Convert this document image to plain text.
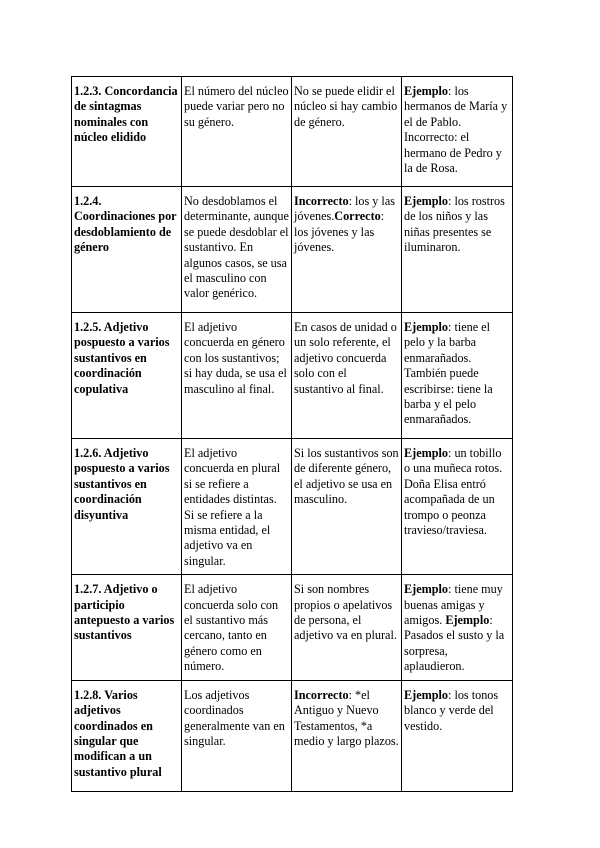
1.2.3. Concordancia de sintagmas nominales con núcleo elidido	El número del núcleo puede variar pero no su género.	No se puede elidir el núcleo si hay cambio de género.	Ejemplo: los hermanos de María y el de Pablo. Incorrecto: el hermano de Pedro y la de Rosa.
1.2.4. Coordinaciones por desdoblamiento de género	No desdoblamos el determinante, aunque se puede desdoblar el sustantivo. En algunos casos, se usa el masculino con valor genérico.	Incorrecto: los y las jóvenes.Correcto: los jóvenes y las jóvenes.	Ejemplo: los rostros de los niños y las niñas presentes se iluminaron.
1.2.5. Adjetivo pospuesto a varios sustantivos en coordinación copulativa	El adjetivo concuerda en género con los sustantivos; si hay duda, se usa el masculino al final.	En casos de unidad o un solo referente, el adjetivo concuerda solo con el sustantivo al final.	Ejemplo: tiene el pelo y la barba enmarañados. También puede escribirse: tiene la barba y el pelo enmarañados.
1.2.6. Adjetivo pospuesto a varios sustantivos en coordinación disyuntiva	El adjetivo concuerda en plural si se refiere a entidades distintas. Si se refiere a la misma entidad, el adjetivo va en singular.	Si los sustantivos son de diferente género, el adjetivo se usa en masculino.	Ejemplo: un tobillo o una muñeca rotos. Doña Elisa entró acompañada de un trompo o peonza travieso/traviesa.
1.2.7. Adjetivo o participio antepuesto a varios sustantivos	El adjetivo concuerda solo con el sustantivo más cercano, tanto en género como en número.	Si son nombres propios o apelativos de persona, el adjetivo va en plural.	Ejemplo: tiene muy buenas amigas y amigos. Ejemplo: Pasados el susto y la sorpresa, aplaudieron.
1.2.8. Varios adjetivos coordinados en singular que modifican a un sustantivo plural	Los adjetivos coordinados generalmente van en singular.	Incorrecto: *el Antiguo y Nuevo Testamentos, *a medio y largo plazos.	Ejemplo: los tonos blanco y verde del vestido.
